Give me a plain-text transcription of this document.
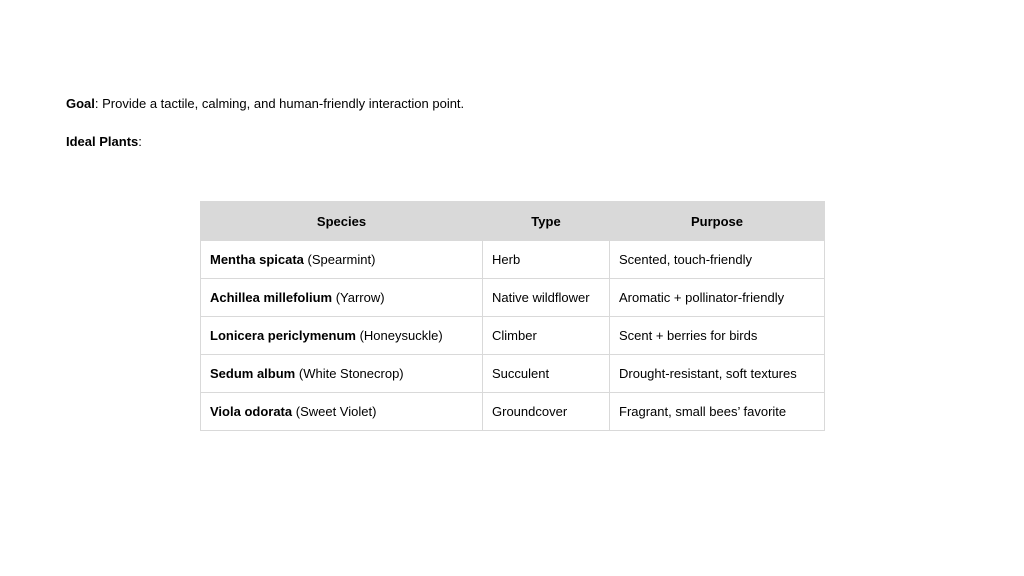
Goal: Provide a tactile, calming, and human-friendly interaction point.
Ideal Plants:
Species	Type	Purpose
Mentha spicata (Spearmint)	Herb	Scented, touch-friendly
Achillea millefolium (Yarrow)	Native wildflower	Aromatic + pollinator-friendly
Lonicera periclymenum (Honeysuckle)	Climber	Scent + berries for birds
Sedum album (White Stonecrop)	Succulent	Drought-resistant, soft textures
Viola odorata (Sweet Violet)	Groundcover	Fragrant, small bees’ favorite
